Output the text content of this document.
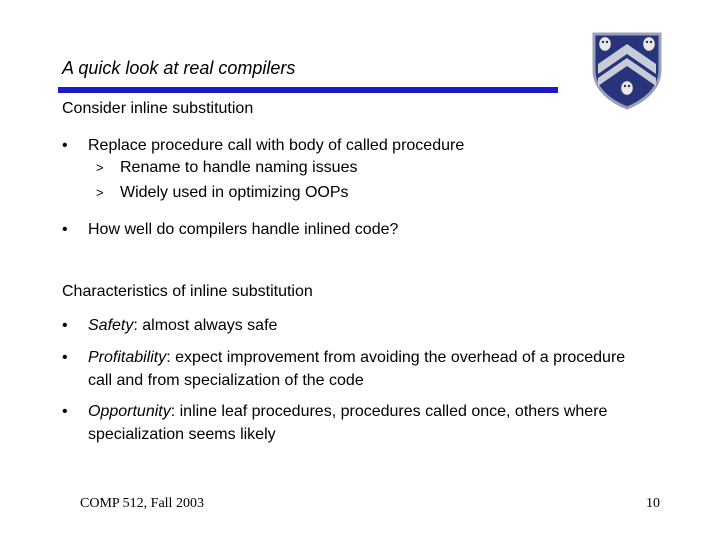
A quick look at real compilers
Consider inline substitution
•	Replace procedure call with body of called procedure
> Rename to handle naming issues
> Widely used in optimizing OOPs
•	How well do compilers handle inlined code?
Characteristics of inline substitution
•	Safety: almost always safe
•	Profitability: expect improvement from avoiding the overhead of a procedure call and from specialization of the code
•	Opportunity: inline leaf procedures, procedures called once, others where specialization seems likely
COMP 512, Fall 2003	10
